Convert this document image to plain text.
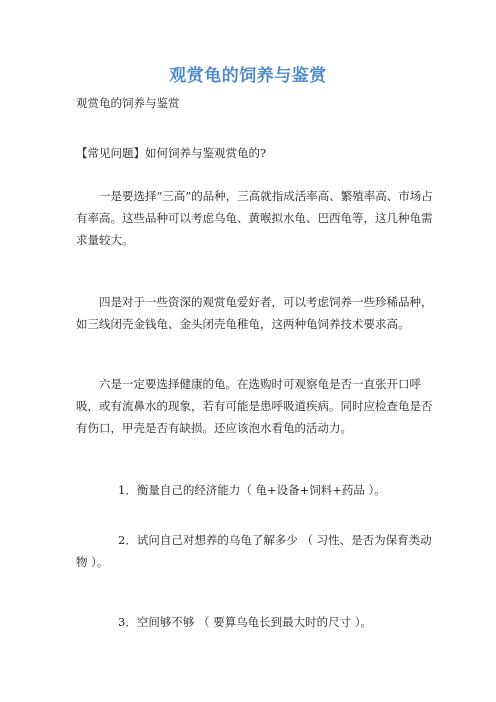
观赏龟的饲养与鉴赏

观赏龟的饲养与鉴赏

【常见问题】如何饲养与鉴观赏龟的?

一是要选择“三高”的品种，三高就指成活率高、繁殖率高、市场占有率高。这些品种可以考虑乌龟、黄喉拟水龟、巴西龟等，这几种龟需求量较大。

四是对于一些资深的观赏龟爱好者，可以考虑饲养一些珍稀品种，如三线闭壳金钱龟、金头闭壳龟稚龟，这两种龟饲养技术要求高。

六是一定要选择健康的龟。在选购时可观察龟是否一直张开口呼吸，或有流鼻水的现象，若有可能是患呼吸道疾病。同时应检查龟是否有伤口，甲壳是否有缺损。还应该泡水看龟的活动力。

1．衡量自己的经济能力（ 龟+设备+饲料+药品 ）。

2．试问自己对想养的乌龟了解多少 （ 习性、是否为保育类动物 ）。

3．空间够不够 （ 要算乌龟长到最大时的尺寸 ）。
